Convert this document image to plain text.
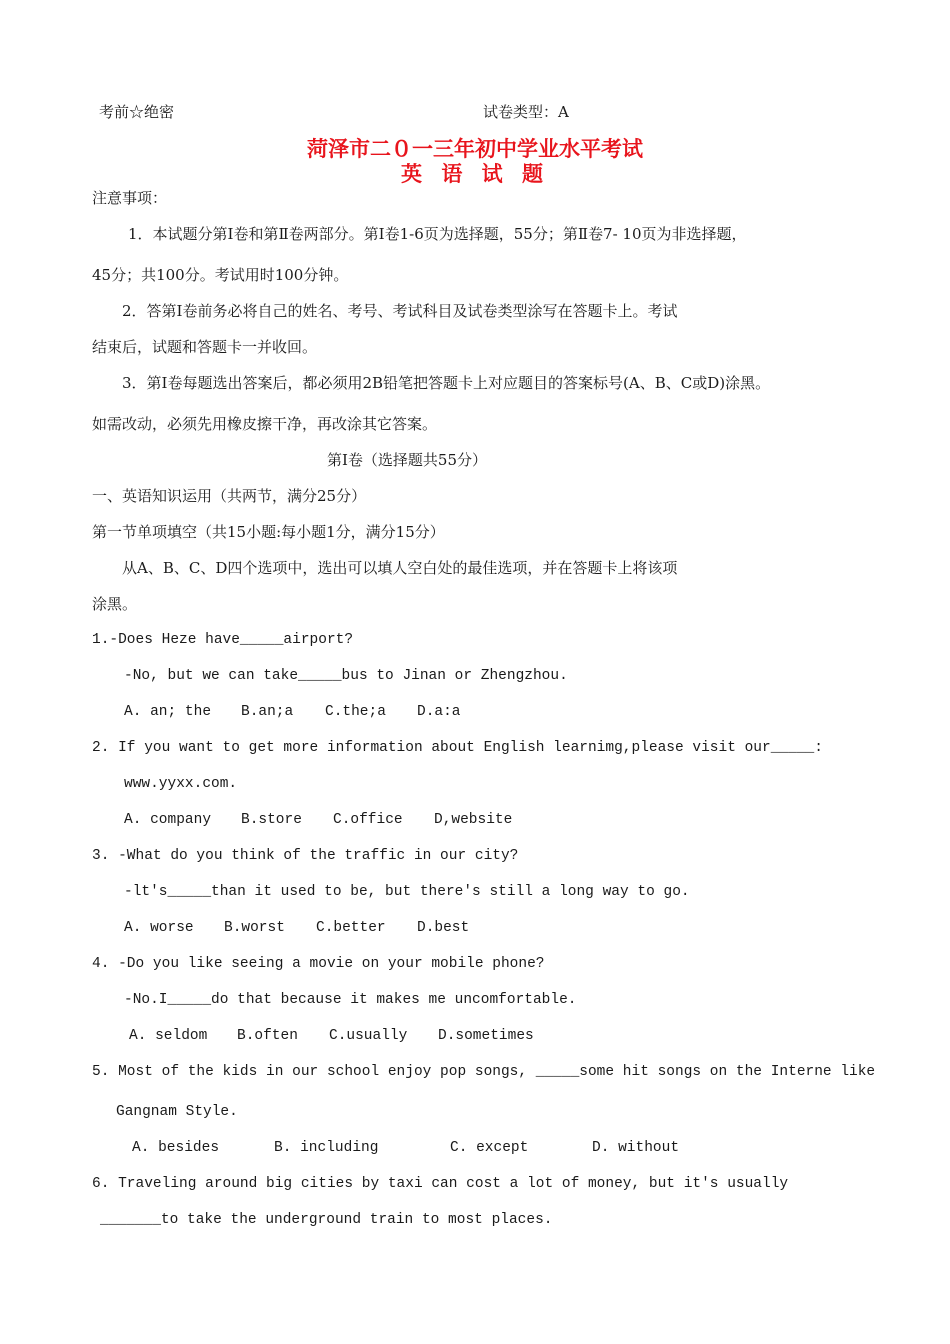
考前☆绝密	试卷类型：A
菏泽市二０一三年初中学业水平考试
英 语 试 题
注意事项：
1．本试题分第Ⅰ卷和第Ⅱ卷两部分。第Ⅰ卷1-6页为选择题，55分；第Ⅱ卷7- 10页为非选择题，
45分；共100分。考试用时100分钟。
2．答第Ⅰ卷前务必将自己的姓名、考号、考试科目及试卷类型涂写在答题卡上。考试
结束后，试题和答题卡一并收回。
3．第Ⅰ卷每题选出答案后，都必须用2B铅笔把答题卡上对应题目的答案标号(A、B、C或D)涂黑。
如需改动，必须先用橡皮擦干净，再改涂其它答案。
第Ⅰ卷（选择题共55分）
一、英语知识运用（共两节，满分25分）
第一节单项填空（共15小题:每小题1分，满分15分）
从A、B、C、D四个选项中，选出可以填人空白处的最佳选项，并在答题卡上将该项
涂黑。
1.-Does Heze have_____airport?
-No, but we can take_____bus to Jinan or Zhengzhou.
A. an; the B.an;a C.the;a D.a:a
2. If you want to get more information about English learnimg,please visit our_____:
www.yyxx.com.
A. company B.store C.office D,website
3. -What do you think of the traffic in our city?
-lt's_____than it used to be, but there's still a long way to go.
A. worse B.worst C.better D.best
4. -Do you like seeing a movie on your mobile phone?
-No.I_____do that because it makes me uncomfortable.
A. seldom B.often C.usually D.sometimes
5. Most of the kids in our school enjoy pop songs, _____some hit songs on the Interne like
Gangnam Style.
A. besides	B. including	C. except	D. without
6. Traveling around big cities by taxi can cost a lot of money, but it's usually
_______to take the underground train to most places.
